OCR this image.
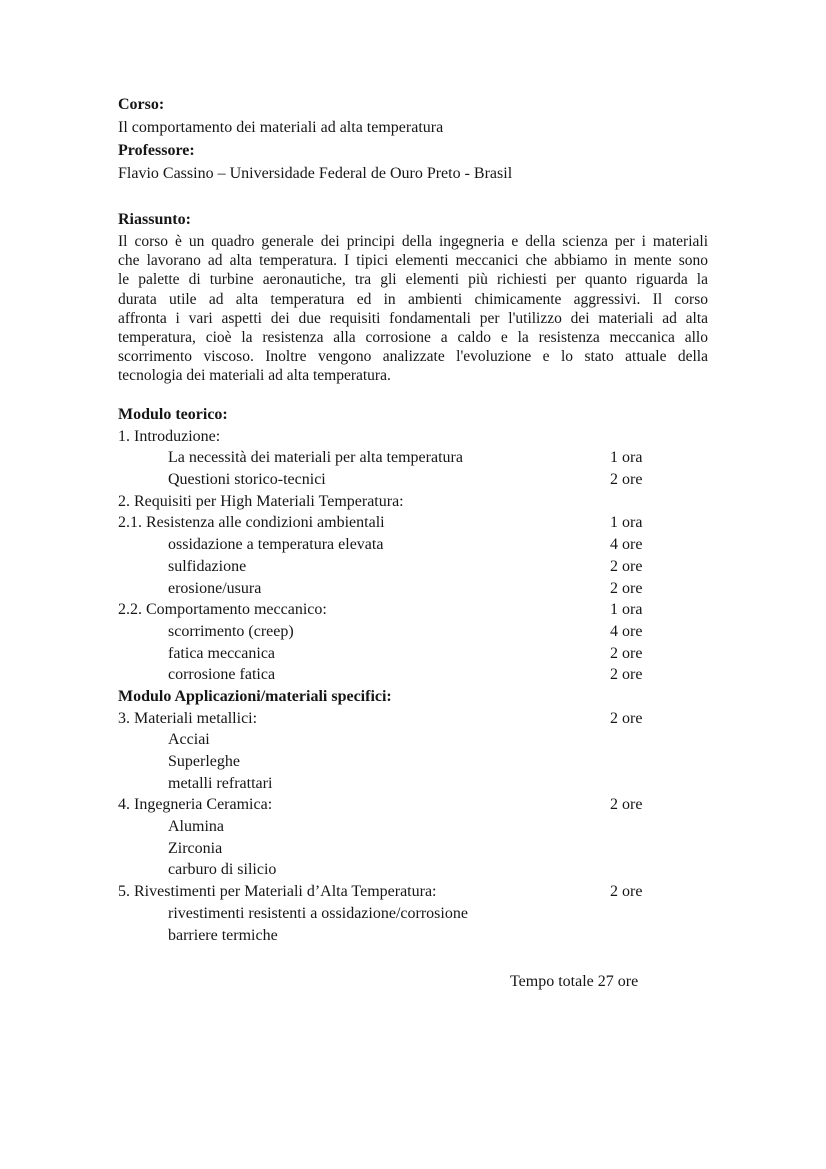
Corso:
Il comportamento dei materiali ad alta temperatura
Professore:
Flavio Cassino – Universidade Federal de Ouro Preto - Brasil
Riassunto:
Il corso è un quadro generale dei principi della ingegneria e della scienza per i materiali
che lavorano ad alta temperatura. I tipici elementi meccanici che abbiamo in mente sono
le palette di turbine aeronautiche, tra gli elementi più richiesti per quanto riguarda la
durata utile ad alta temperatura ed in ambienti chimicamente aggressivi. Il corso
affronta i vari aspetti dei due requisiti fondamentali per l'utilizzo dei materiali ad alta
temperatura, cioè la resistenza alla corrosione a caldo e la resistenza meccanica allo
scorrimento viscoso. Inoltre vengono analizzate l'evoluzione e lo stato attuale della
tecnologia dei materiali ad alta temperatura.
Modulo teorico:
1. Introduzione:
La necessità dei materiali per alta temperatura	1 ora
Questioni storico-tecnici	2 ore
2. Requisiti per High Materiali Temperatura:
2.1. Resistenza alle condizioni ambientali	1 ora
ossidazione a temperatura elevata	4 ore
sulfidazione	2 ore
erosione/usura	2 ore
2.2. Comportamento meccanico:	1 ora
scorrimento (creep)	4 ore
fatica meccanica	2 ore
corrosione fatica	2 ore
Modulo Applicazioni/materiali specifici:
3. Materiali metallici:	2 ore
Acciai
Superleghe
metalli refrattari
4. Ingegneria Ceramica:	2 ore
Alumina
Zirconia
carburo di silicio
5. Rivestimenti per Materiali d’Alta Temperatura:	2 ore
rivestimenti resistenti a ossidazione/corrosione
barriere termiche
Tempo totale 27 ore
